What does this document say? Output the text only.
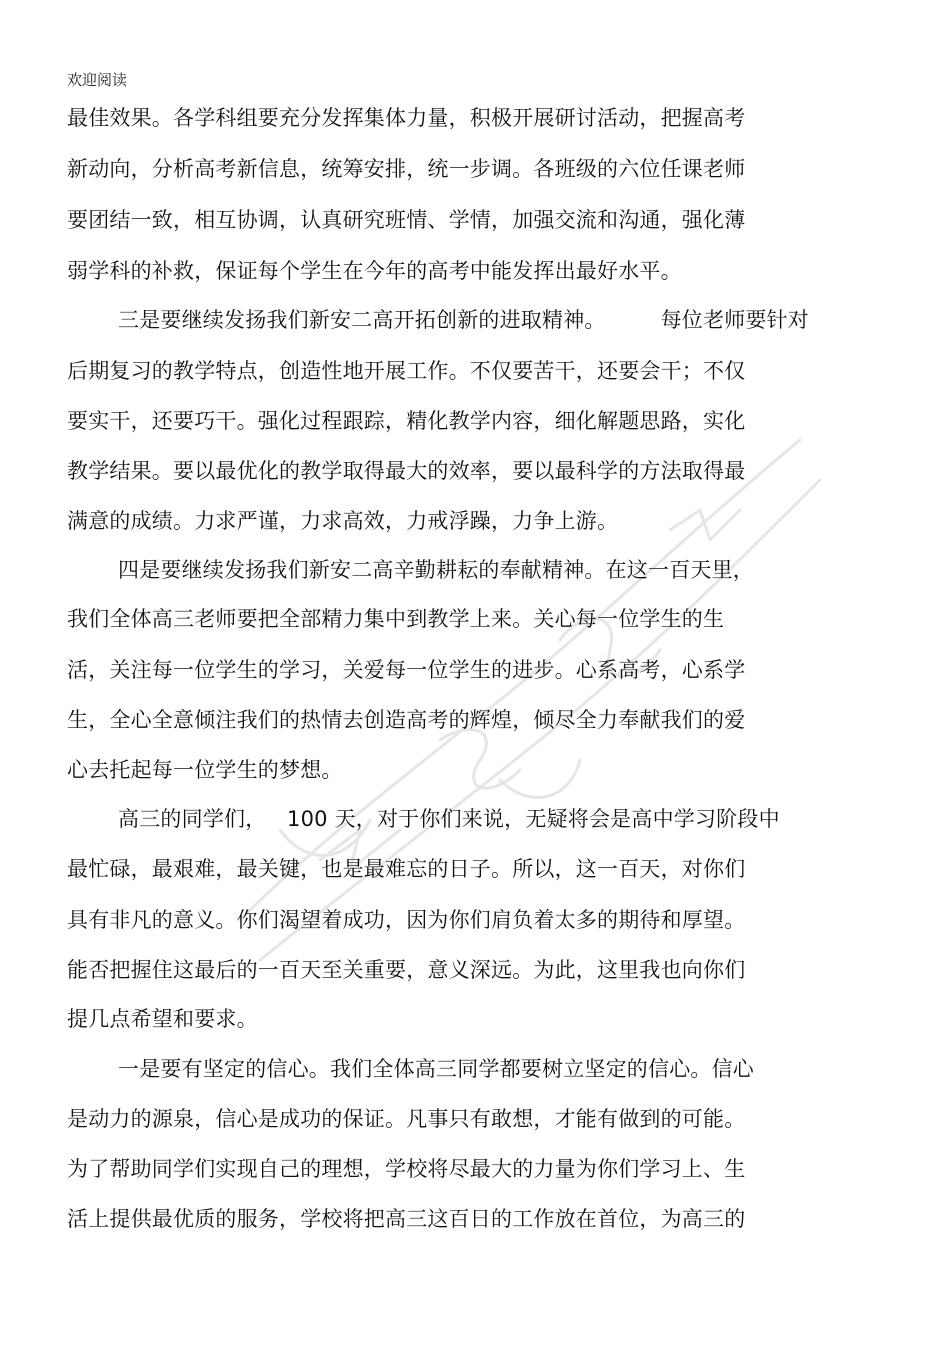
欢迎阅读
最佳效果。各学科组要充分发挥集体力量，积极开展研讨活动，把握高考
新动向，分析高考新信息，统筹安排，统一步调。各班级的六位任课老师
要团结一致，相互协调，认真研究班情、学情，加强交流和沟通，强化薄
弱学科的补救，保证每个学生在今年的高考中能发挥出最好水平。
三是要继续发扬我们新安二高开拓创新的进取精神。        每位老师要针对
后期复习的教学特点，创造性地开展工作。不仅要苦干，还要会干；不仅
要实干，还要巧干。强化过程跟踪，精化教学内容，细化解题思路，实化
教学结果。要以最优化的教学取得最大的效率，要以最科学的方法取得最
满意的成绩。力求严谨，力求高效，力戒浮躁，力争上游。
四是要继续发扬我们新安二高辛勤耕耘的奉献精神。在这一百天里，
我们全体高三老师要把全部精力集中到教学上来。关心每一位学生的生
活，关注每一位学生的学习，关爱每一位学生的进步。心系高考，心系学
生，全心全意倾注我们的热情去创造高考的辉煌，倾尽全力奉献我们的爱
心去托起每一位学生的梦想。
高三的同学们，   100 天，对于你们来说，无疑将会是高中学习阶段中
最忙碌，最艰难，最关键，也是最难忘的日子。所以，这一百天，对你们
具有非凡的意义。你们渴望着成功，因为你们肩负着太多的期待和厚望。
能否把握住这最后的一百天至关重要，意义深远。为此，这里我也向你们
提几点希望和要求。
一是要有坚定的信心。我们全体高三同学都要树立坚定的信心。信心
是动力的源泉，信心是成功的保证。凡事只有敢想，才能有做到的可能。
为了帮助同学们实现自己的理想，学校将尽最大的力量为你们学习上、生
活上提供最优质的服务，学校将把高三这百日的工作放在首位，为高三的
